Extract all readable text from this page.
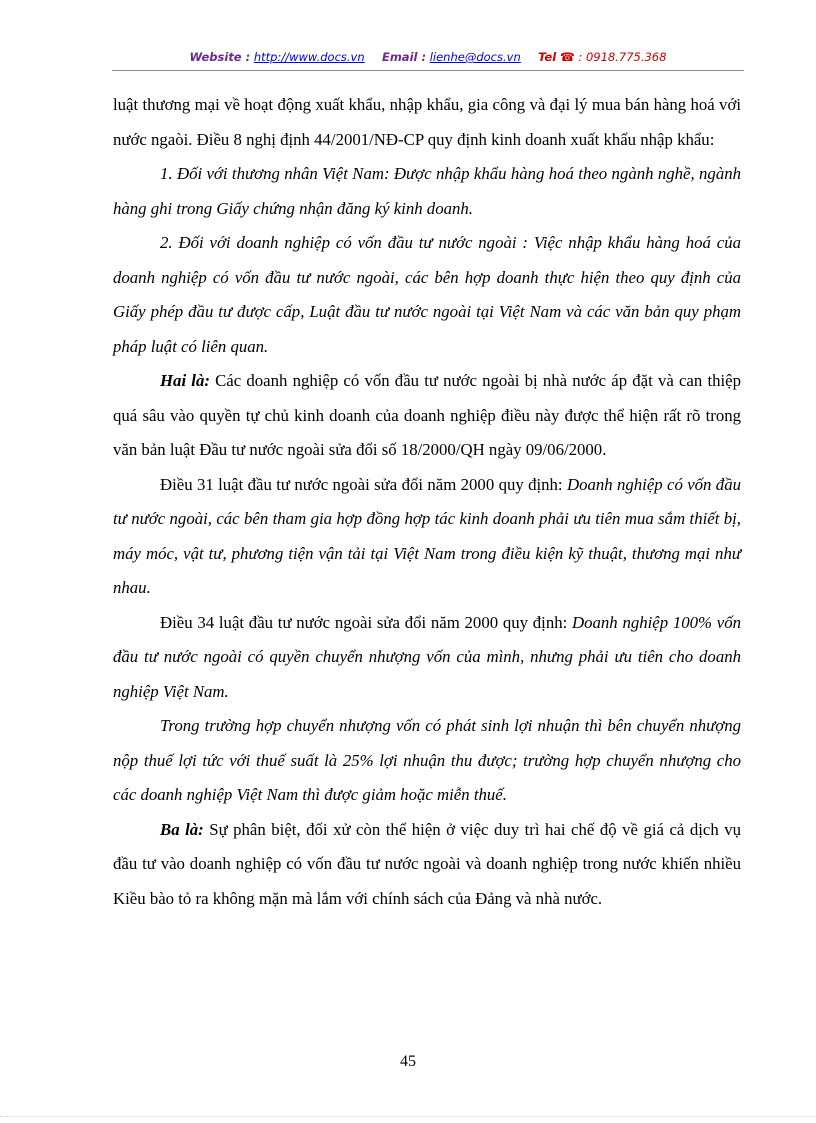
Website : http://www.docs.vn Email : lienhe@docs.vn Tel ☎ : 0918.775.368

luật thương mại về hoạt động xuất khẩu, nhập khẩu, gia công và đại lý mua bán hàng hoá với nước ngaòi. Điều 8 nghị định 44/2001/NĐ-CP quy định kinh doanh xuất khẩu nhập khẩu:

1. Đối với thương nhân Việt Nam: Được nhập khẩu hàng hoá theo ngành nghề, ngành hàng ghi trong Giấy chứng nhận đăng ký kinh doanh.

2. Đối với doanh nghiệp có vốn đầu tư nước ngoài : Việc nhập khẩu hàng hoá của doanh nghiệp có vốn đầu tư nước ngoài, các bên hợp doanh thực hiện theo quy định của Giấy phép đầu tư được cấp, Luật đầu tư nước ngoài tại Việt Nam và các văn bản quy phạm pháp luật có liên quan.

Hai là: Các doanh nghiệp có vốn đầu tư nước ngoài bị nhà nước áp đặt và can thiệp quá sâu vào quyền tự chủ kinh doanh của doanh nghiệp điều này được thể hiện rất rõ trong văn bản luật Đầu tư nước ngoài sửa đổi số 18/2000/QH ngày 09/06/2000.

Điều 31 luật đầu tư nước ngoài sửa đổi năm 2000 quy định: Doanh nghiệp có vốn đầu tư nước ngoài, các bên tham gia hợp đồng hợp tác kinh doanh phải ưu tiên mua sắm thiết bị, máy móc, vật tư, phương tiện vận tải tại Việt Nam trong điều kiện kỹ thuật, thương mại như nhau.

Điều 34 luật đầu tư nước ngoài sửa đổi năm 2000 quy định: Doanh nghiệp 100% vốn đầu tư nước ngoài có quyền chuyển nhượng vốn của mình, nhưng phải ưu tiên cho doanh nghiệp Việt Nam.

Trong trường hợp chuyển nhượng vốn có phát sinh lợi nhuận thì bên chuyển nhượng nộp thuế lợi tức với thuế suất là 25% lợi nhuận thu được; trường hợp chuyển nhượng cho các doanh nghiệp Việt Nam thì được giảm hoặc miễn thuế.

Ba là: Sự phân biệt, đối xử còn thể hiện ở việc duy trì hai chế độ về giá cả dịch vụ đầu tư vào doanh nghiệp có vốn đầu tư nước ngoài và doanh nghiệp trong nước khiến nhiều Kiều bào tỏ ra không mặn mà lắm với chính sách của Đảng và nhà nước.

45
